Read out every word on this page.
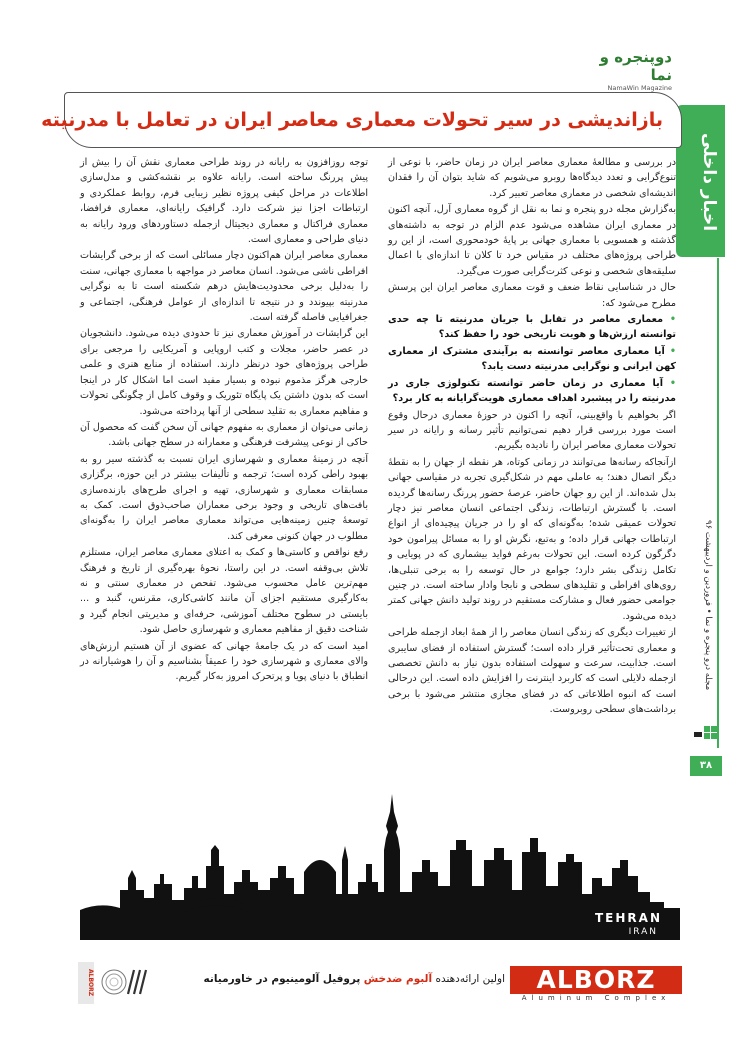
دوپنجره و نما
NamaWin Magazine
اخبار داخلی
مجله درو پنجره و نما • فروردین و اردیبهشت ۹۶
۳۸
بازاندیشی در سیر تحولات معماری معاصر ایران در تعامل با مدرنیته

در بررسی و مطالعۀ معماری معاصر ایران در زمان حاضر، با نوعی از تنوع‌گرایی و تعدد دیدگاه‌ها روبرو می‌شویم که شاید بتوان آن را فقدان اندیشه‌ای شخصی در معماری معاصر تعبیر کرد.

به‌گزارش مجله درو پنجره و نما به نقل از گروه معماری آرل، آنچه اکنون در معماری ایران مشاهده می‌شود عدم الزام در توجه به داشته‌های گذشته و همسویی با معماری جهانی بر پایۀ خودمحوری است، از این رو طراحی پروژه‌های مختلف در مقیاس خرد تا کلان تا اندازه‌ای با اعمال سلیقه‌های شخصی و نوعی کثرت‌گرایی صورت می‌گیرد.

حال در شناسایی نقاط ضعف و قوت معماری معاصر ایران این پرسش مطرح می‌شود که:

• معماری معاصر در تقابل با جریان مدرنیته تا چه حدی توانسته ارزش‌ها و هویت تاریخی خود را حفظ کند؟

• آیا معماری معاصر توانسته به برآیندی مشترک از معماری کهن ایرانی و نوگرایی مدرنیته دست یابد؟

• آیا معماری در زمان حاضر توانسته تکنولوژی جاری در مدرنیته را در پیشبرد اهداف معماری هویت‌گرایانه به کار برد؟

اگر بخواهیم با واقع‌بینی، آنچه را اکنون در حوزۀ معماری درحال وقوع است مورد بررسی قرار دهیم نمی‌توانیم تأثیر رسانه و رایانه در سیر تحولات معماری معاصر ایران را نادیده بگیریم.

ازآنجاکه رسانه‌ها می‌توانند در زمانی کوتاه، هر نقطه از جهان را به نقطۀ دیگر اتصال دهند؛ به عاملی مهم در شکل‌گیری تجربه در مقیاسی جهانی بدل شده‌اند. از این رو جهان حاضر، عرصۀ حضور پررنگ رسانه‌ها گردیده است. با گسترش ارتباطات، زندگی اجتماعی انسان معاصر نیز دچار تحولات عمیقی شده؛ به‌گونه‌ای که او را در جریان پیچیده‌ای از انواع ارتباطات جهانی قرار داده؛ و به‌تبع، نگرش او را به مسائل پیرامون خود دگرگون کرده است. این تحولات به‌رغم فواید بیشماری که در پویایی و تکامل زندگی بشر دارد؛ جوامع در حال توسعه را به برخی تنبلی‌ها، روی‌های افراطی و تقلیدهای سطحی و نابجا وادار ساخته است. در چنین جوامعی حضور فعال و مشارکت مستقیم در روند تولید دانش جهانی کمتر دیده می‌شود.

از تغییرات دیگری که زندگی انسان معاصر را از همۀ ابعاد ازجمله طراحی و معماری تحت‌تأثیر قرار داده است؛ گسترش استفاده از فضای سایبری است. جذابیت، سرعت و سهولت استفاده بدون نیاز به دانش تخصصی ازجمله دلایلی است که کاربرد اینترنت را افزایش داده است. این درحالی است که انبوه اطلاعاتی که در فضای مجازی منتشر می‌شود با برخی برداشت‌های سطحی روبروست.

توجه روزافزون به رایانه در روند طراحی معماری نقش آن را بیش از پیش پررنگ ساخته است. رایانه علاوه بر نقشه‌کشی و مدل‌سازی اطلاعات در مراحل کیفی پروژه نظیر زیبایی فرم، روابط عملکردی و ارتباطات اجزا نیز شرکت دارد. گرافیک رایانه‌ای، معماری فرافضا، معماری فراکتال و معماری دیجیتال ازجمله دستاوردهای ورود رایانه به دنیای طراحی و معماری است.

معماری معاصر ایران هم‌اکنون دچار مسائلی است که از برخی گرایشات افراطی ناشی می‌شود. انسان معاصر در مواجهه با معماری جهانی، سنت را به‌دلیل برخی محدودیت‌هایش درهم شکسته است تا به نوگرایی مدرنیته بپیوندد و در نتیجه تا اندازه‌ای از عوامل فرهنگی، اجتماعی و جغرافیایی فاصله گرفته است.

این گرایشات در آموزش معماری نیز تا حدودی دیده می‌شود. دانشجویان در عصر حاضر، مجلات و کتب اروپایی و آمریکایی را مرجعی برای طراحی پروژه‌های خود درنظر دارند. استفاده از منابع هنری و علمی خارجی هرگز مذموم نبوده و بسیار مفید است اما اشکال کار در اینجا است که بدون داشتن یک پایگاه تئوریک و وقوف کامل از چگونگی تحولات و مفاهیم معماری به تقلید سطحی از آنها پرداخته می‌شود.

زمانی می‌توان از معماری به مفهوم جهانی آن سخن گفت که محصول آن حاکی از نوعی پیشرفت فرهنگی و معمارانه در سطح جهانی باشد.

آنچه در زمینۀ معماری و شهرسازی ایران نسبت به گذشته سیر رو به بهبود راطی کرده است؛ ترجمه و تألیفات بیشتر در این حوزه، برگزاری مسابقات معماری و شهرسازی، تهیه و اجرای طرح‌های بازنده‌سازی بافت‌های تاریخی و وجود برخی معماران صاحب‌ذوق است. کمک به توسعۀ چنین زمینه‌هایی می‌تواند معماری معاصر ایران را به‌گونه‌ای مطلوب در جهان کنونی معرفی کند.

رفع نواقص و کاستی‌ها و کمک به اعتلای معماری معاصر ایران، مستلزم تلاش بی‌وقفه است. در این راستا، نحوۀ بهره‌گیری از تاریخ و فرهنگ مهم‌ترین عامل محسوب می‌شود. تفحص در معماری سنتی و نه به‌کارگیری مستقیم اجزای آن مانند کاشی‌کاری، مقرنس، گنبد و ... بایستی در سطوح مختلف آموزشی، حرفه‌ای و مدیریتی انجام گیرد و شناخت دقیق از مفاهیم معماری و شهرسازی حاصل شود.

امید است که در یک جامعۀ جهانی که عضوی از آن هستیم ارزش‌های والای معماری و شهرسازی خود را عمیقاً بشناسیم و آن را هوشیارانه در انطباق با دنیای پویا و پرتحرک امروز به‌کار گیریم.

TEHRAN
IRAN
ALBORZ
Aluminum Complex
اولین ارائه‌دهنده آلبوم ضدخش پروفیل آلومینیوم در خاورمیانه
ALBORZ
